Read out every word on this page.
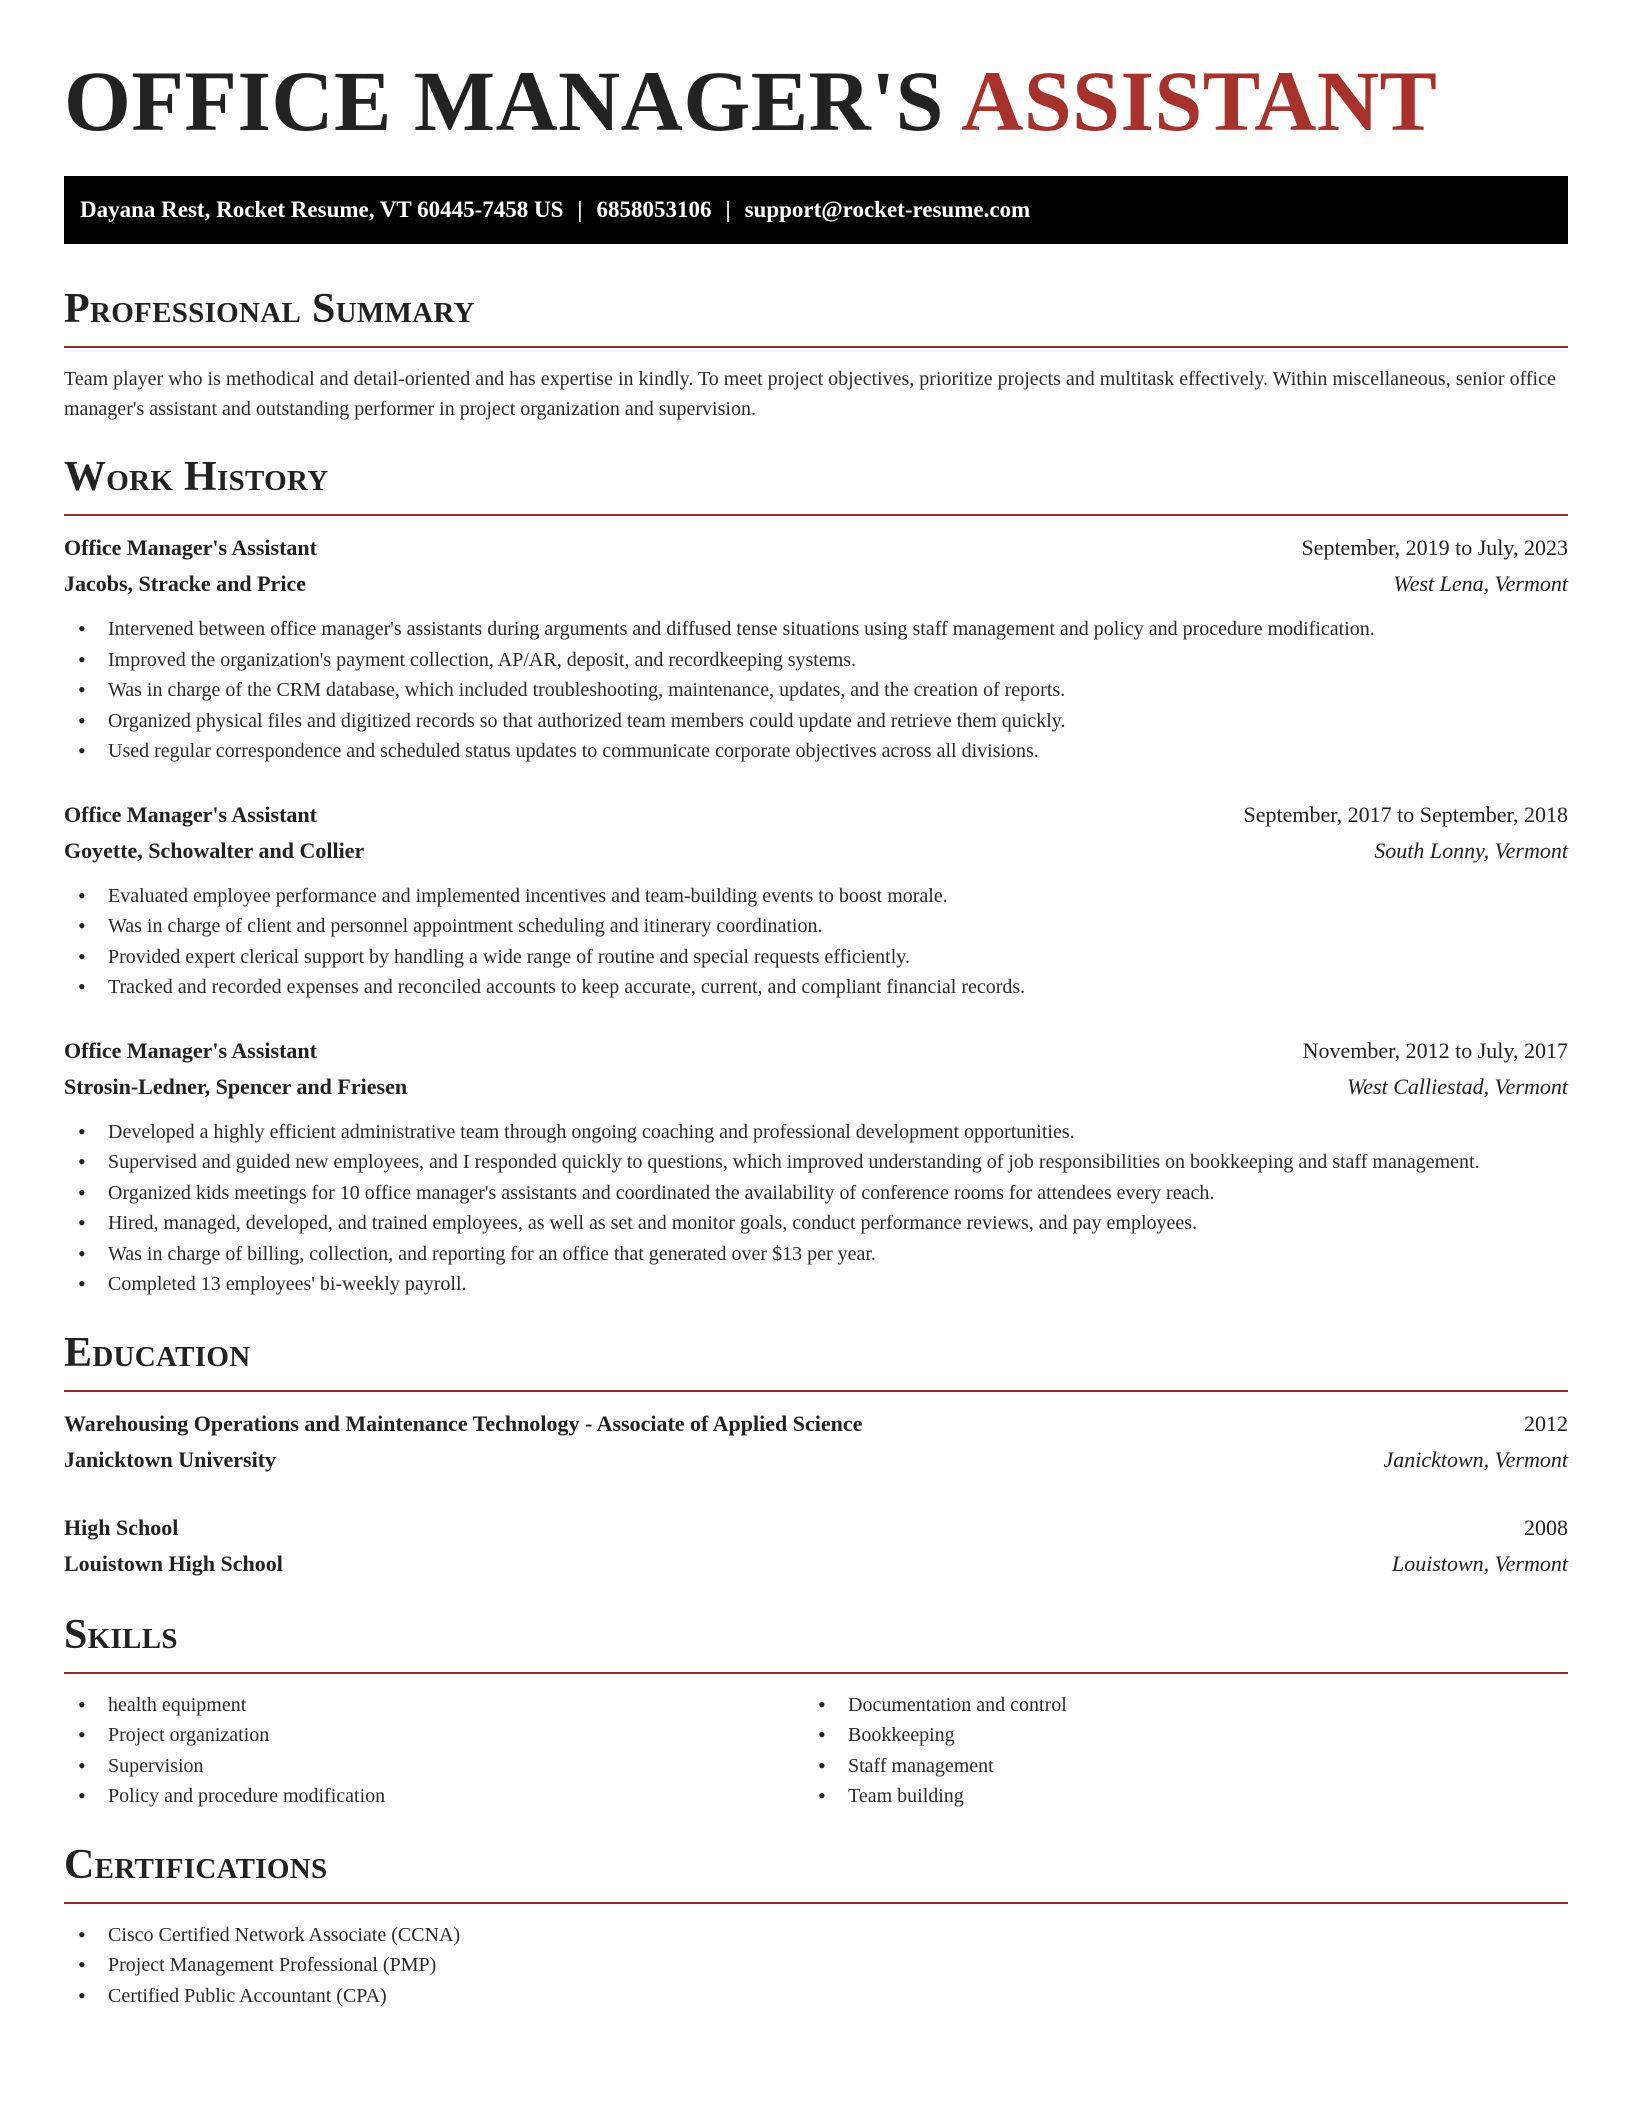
OFFICE MANAGER'S ASSISTANT
Dayana Rest, Rocket Resume, VT 60445-7458 US | 6858053106 | support@rocket-resume.com
Professional Summary

Team player who is methodical and detail-oriented and has expertise in kindly. To meet project objectives, prioritize projects and multitask effectively. Within miscellaneous, senior office manager's assistant and outstanding performer in project organization and supervision.

Work History
Office Manager's Assistant	September, 2019 to July, 2023
Jacobs, Stracke and Price	West Lena, Vermont
• Intervened between office manager's assistants during arguments and diffused tense situations using staff management and policy and procedure modification.
• Improved the organization's payment collection, AP/AR, deposit, and recordkeeping systems.
• Was in charge of the CRM database, which included troubleshooting, maintenance, updates, and the creation of reports.
• Organized physical files and digitized records so that authorized team members could update and retrieve them quickly.
• Used regular correspondence and scheduled status updates to communicate corporate objectives across all divisions.
Office Manager's Assistant	September, 2017 to September, 2018
Goyette, Schowalter and Collier	South Lonny, Vermont
• Evaluated employee performance and implemented incentives and team-building events to boost morale.
• Was in charge of client and personnel appointment scheduling and itinerary coordination.
• Provided expert clerical support by handling a wide range of routine and special requests efficiently.
• Tracked and recorded expenses and reconciled accounts to keep accurate, current, and compliant financial records.
Office Manager's Assistant	November, 2012 to July, 2017
Strosin-Ledner, Spencer and Friesen	West Calliestad, Vermont
• Developed a highly efficient administrative team through ongoing coaching and professional development opportunities.
• Supervised and guided new employees, and I responded quickly to questions, which improved understanding of job responsibilities on bookkeeping and staff management.
• Organized kids meetings for 10 office manager's assistants and coordinated the availability of conference rooms for attendees every reach.
• Hired, managed, developed, and trained employees, as well as set and monitor goals, conduct performance reviews, and pay employees.
• Was in charge of billing, collection, and reporting for an office that generated over $13 per year.
• Completed 13 employees' bi-weekly payroll.
Education
Warehousing Operations and Maintenance Technology - Associate of Applied Science	2012
Janicktown University	Janicktown, Vermont
High School	2008
Louistown High School	Louistown, Vermont
Skills
• health equipment
• Project organization
• Supervision
• Policy and procedure modification
• Documentation and control
• Bookkeeping
• Staff management
• Team building
Certifications
• Cisco Certified Network Associate (CCNA)
• Project Management Professional (PMP)
• Certified Public Accountant (CPA)
